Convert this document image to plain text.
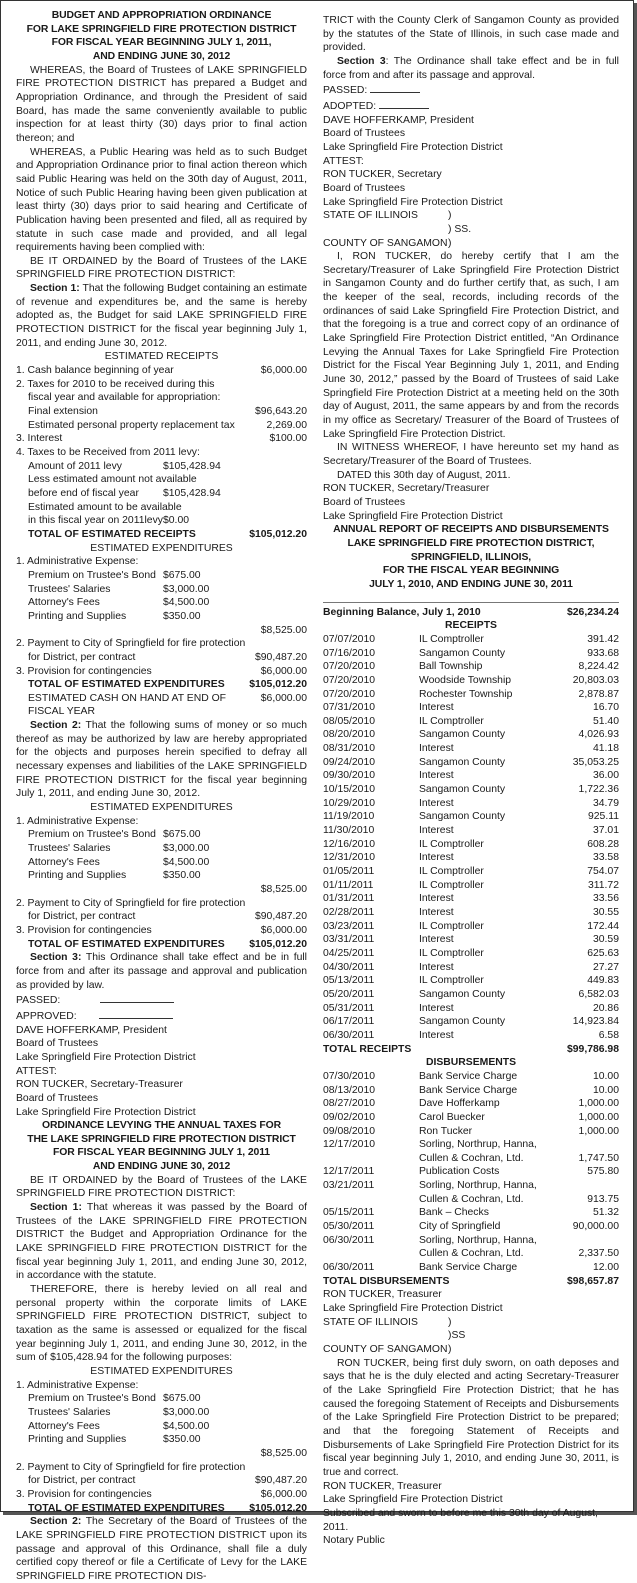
BUDGET AND APPROPRIATION ORDINANCE
FOR LAKE SPRINGFIELD FIRE PROTECTION DISTRICT
FOR FISCAL YEAR BEGINNING JULY 1, 2011,
AND ENDING JUNE 30, 2012

WHEREAS, the Board of Trustees of LAKE SPRINGFIELD FIRE PROTECTION DISTRICT has prepared a Budget and Appropriation Ordinance, and through the President of said Board, has made the same conveniently available to public inspection for at least thirty (30) days prior to final action thereon; and

WHEREAS, a Public Hearing was held as to such Budget and Appropriation Ordinance prior to final action thereon which said Public Hearing was held on the 30th day of August, 2011, Notice of such Public Hearing having been given publication at least thirty (30) days prior to said hearing and Certificate of Publication having been presented and filed, all as required by statute in such case made and provided, and all legal requirements having been complied with:

BE IT ORDAINED by the Board of Trustees of the LAKE SPRINGFIELD FIRE PROTECTION DISTRICT:

Section 1: That the following Budget containing an estimate of revenue and expenditures be, and the same is hereby adopted as, the Budget for said LAKE SPRINGFIELD FIRE PROTECTION DISTRICT for the fiscal year beginning July 1, 2011, and ending June 30, 2012.

ESTIMATED RECEIPTS
1. Cash balance beginning of year	$6,000.00
2. Taxes for 2010 to be received during this
fiscal year and available for appropriation:
Final extension	$96,643.20
Estimated personal property replacement tax	2,269.00
3. Interest	$100.00
4. Taxes to be Received from 2011 levy:
Amount of 2011 levy	$105,428.94
Less estimated amount not available
before end of fiscal year	$105,428.94
Estimated amount to be available
in this fiscal year on 2011levy $0.00
TOTAL OF ESTIMATED RECEIPTS	$105,012.20
ESTIMATED EXPENDITURES
1. Administrative Expense:
Premium on Trustee's Bond $675.00
Trustees' Salaries	$3,000.00
Attorney's Fees	$4,500.00
Printing and Supplies	$350.00
$8,525.00
2. Payment to City of Springfield for fire protection
for District, per contract	$90,487.20
3. Provision for contingencies	$6,000.00
TOTAL OF ESTIMATED EXPENDITURES	$105,012.20
ESTIMATED CASH ON HAND AT END OF FISCAL YEAR
$6,000.00

Section 2: That the following sums of money or so much thereof as may be authorized by law are hereby appropriated for the objects and purposes herein specified to defray all necessary expenses and liabilities of the LAKE SPRINGFIELD FIRE PROTECTION DISTRICT for the fiscal year beginning July 1, 2011, and ending June 30, 2012.

ESTIMATED EXPENDITURES
1. Administrative Expense:
Premium on Trustee's Bond $675.00
Trustees' Salaries	$3,000.00
Attorney's Fees	$4,500.00
Printing and Supplies	$350.00
$8,525.00
2. Payment to City of Springfield for fire protection
for District, per contract	$90,487.20
3. Provision for contingencies	$6,000.00
TOTAL OF ESTIMATED EXPENDITURES	$105,012.20

Section 3: This Ordinance shall take effect and be in full force from and after its passage and approval and publication as provided by law.

PASSED:
APPROVED:
DAVE HOFFERKAMP, President
Board of Trustees
Lake Springfield Fire Protection District
ATTEST:
RON TUCKER, Secretary-Treasurer
Board of Trustees
Lake Springfield Fire Protection District
ORDINANCE LEVYING THE ANNUAL TAXES FOR
THE LAKE SPRINGFIELD FIRE PROTECTION DISTRICT
FOR FISCAL YEAR BEGINNING JULY 1, 2011
AND ENDING JUNE 30, 2012

BE IT ORDAINED by the Board of Trustees of the LAKE SPRINGFIELD FIRE PROTECTION DISTRICT:

Section 1: That whereas it was passed by the Board of Trustees of the LAKE SPRINGFIELD FIRE PROTECTION DISTRICT the Budget and Appropriation Ordinance for the LAKE SPRINGFIELD FIRE PROTECTION DISTRICT for the fiscal year beginning July 1, 2011, and ending June 30, 2012, in accordance with the statute.

THEREFORE, there is hereby levied on all real and personal property within the corporate limits of LAKE SPRINGFIELD FIRE PROTECTION DISTRICT, subject to taxation as the same is assessed or equalized for the fiscal year beginning July 1, 2011, and ending June 30, 2012, in the sum of $105,428.94 for the following purposes:

ESTIMATED EXPENDITURES
1. Administrative Expense:
Premium on Trustee's Bond $675.00
Trustees' Salaries	$3,000.00
Attorney's Fees	$4,500.00
Printing and Supplies	$350.00
$8,525.00
2. Payment to City of Springfield for fire protection
for District, per contract	$90,487.20
3. Provision for contingencies	$6,000.00
TOTAL OF ESTIMATED EXPENDITURES	$105,012.20

Section 2: The Secretary of the Board of Trustees of the LAKE SPRINGFIELD FIRE PROTECTION DISTRICT upon its passage and approval of this Ordinance, shall file a duly certified copy thereof or file a Certificate of Levy for the LAKE SPRINGFIELD FIRE PROTECTION DIS-

TRICT with the County Clerk of Sangamon County as provided by the statutes of the State of Illinois, in such case made and provided.

Section 3: The Ordinance shall take effect and be in full force from and after its passage and approval.

PASSED:
ADOPTED:
DAVE HOFFERKAMP, President
Board of Trustees
Lake Springfield Fire Protection District
ATTEST:
RON TUCKER, Secretary
Board of Trustees
Lake Springfield Fire Protection District
STATE OF ILLINOIS	)
) SS.
COUNTY OF SANGAMON )

I, RON TUCKER, do hereby certify that I am the Secretary/Treasurer of Lake Springfield Fire Protection District in Sangamon County and do further certify that, as such, I am the keeper of the seal, records, including records of the ordinances of said Lake Springfield Fire Protection District, and that the foregoing is a true and correct copy of an ordinance of Lake Springfield Fire Protection District entitled, “An Ordinance Levying the Annual Taxes for Lake Springfield Fire Protection District for the Fiscal Year Beginning July 1, 2011, and Ending June 30, 2012,” passed by the Board of Trustees of said Lake Springfield Fire Protection District at a meeting held on the 30th day of August, 2011, the same appears by and from the records in my office as Secretary/ Treasurer of the Board of Trustees of Lake Springfield Fire Protection District.

IN WITNESS WHEREOF, I have hereunto set my hand as Secretary/Treasurer of the Board of Trustees.

DATED this 30th day of August, 2011.

RON TUCKER, Secretary/Treasurer
Board of Trustees
Lake Springfield Fire Protection District
ANNUAL REPORT OF RECEIPTS AND DISBURSEMENTS
LAKE SPRINGFIELD FIRE PROTECTION DISTRICT,
SPRINGFIELD, ILLINOIS,
FOR THE FISCAL YEAR BEGINNING
JULY 1, 2010, AND ENDING JUNE 30, 2011
Beginning Balance, July 1, 2010	$26,234.24
RECEIPTS
07/07/2010	IL Comptroller	391.42
07/16/2010	Sangamon County	933.68
07/20/2010	Ball Township	8,224.42
07/20/2010	Woodside Township	20,803.03
07/20/2010	Rochester Township	2,878.87
07/31/2010	Interest	16.70
08/05/2010	IL Comptroller	51.40
08/20/2010	Sangamon County	4,026.93
08/31/2010	Interest	41.18
09/24/2010	Sangamon County	35,053.25
09/30/2010	Interest	36.00
10/15/2010	Sangamon County	1,722.36
10/29/2010	Interest	34.79
11/19/2010	Sangamon County	925.11
11/30/2010	Interest	37.01
12/16/2010	IL Comptroller	608.28
12/31/2010	Interest	33.58
01/05/2011	IL Comptroller	754.07
01/11/2011	IL Comptroller	311.72
01/31/2011	Interest	33.56
02/28/2011	Interest	30.55
03/23/2011	IL Comptroller	172.44
03/31/2011	Interest	30.59
04/25/2011	IL Comptroller	625.63
04/30/2011	Interest	27.27
05/13/2011	IL Comptroller	449.83
05/20/2011	Sangamon County	6,582.03
05/31/2011	Interest	20.86
06/17/2011	Sangamon County	14,923.84
06/30/2011	Interest	6.58
TOTAL RECEIPTS	$99,786.98
DISBURSEMENTS
07/30/2010	Bank Service Charge	10.00
08/13/2010	Bank Service Charge	10.00
08/27/2010	Dave Hofferkamp	1,000.00
09/02/2010	Carol Buecker	1,000.00
09/08/2010	Ron Tucker	1,000.00
12/17/2010	Sorling, Northrup, Hanna,
Cullen & Cochran, Ltd.	1,747.50
12/17/2011	Publication Costs	575.80
03/21/2011	Sorling, Northrup, Hanna,
Cullen & Cochran, Ltd.	913.75
05/15/2011	Bank – Checks	51.32
05/30/2011	City of Springfield	90,000.00
06/30/2011	Sorling, Northrup, Hanna,
Cullen & Cochran, Ltd.	2,337.50
06/30/2011	Bank Service Charge	12.00
TOTAL DISBURSEMENTS	$98,657.87
RON TUCKER, Treasurer
Lake Springfield Fire Protection District
STATE OF ILLINOIS	)
)SS
COUNTY OF SANGAMON )

RON TUCKER, being first duly sworn, on oath deposes and says that he is the duly elected and acting Secretary-Treasurer of the Lake Springfield Fire Protection District; that he has caused the foregoing Statement of Receipts and Disbursements of the Lake Springfield Fire Protection District to be prepared; and that the foregoing Statement of Receipts and Disbursements of Lake Springfield Fire Protection District for its fiscal year beginning July 1, 2010, and ending June 30, 2011, is true and correct.

RON TUCKER, Treasurer
Lake Springfield Fire Protection District
Subscribed and sworn to before me this 30th day of August, 2011.
Notary Public
